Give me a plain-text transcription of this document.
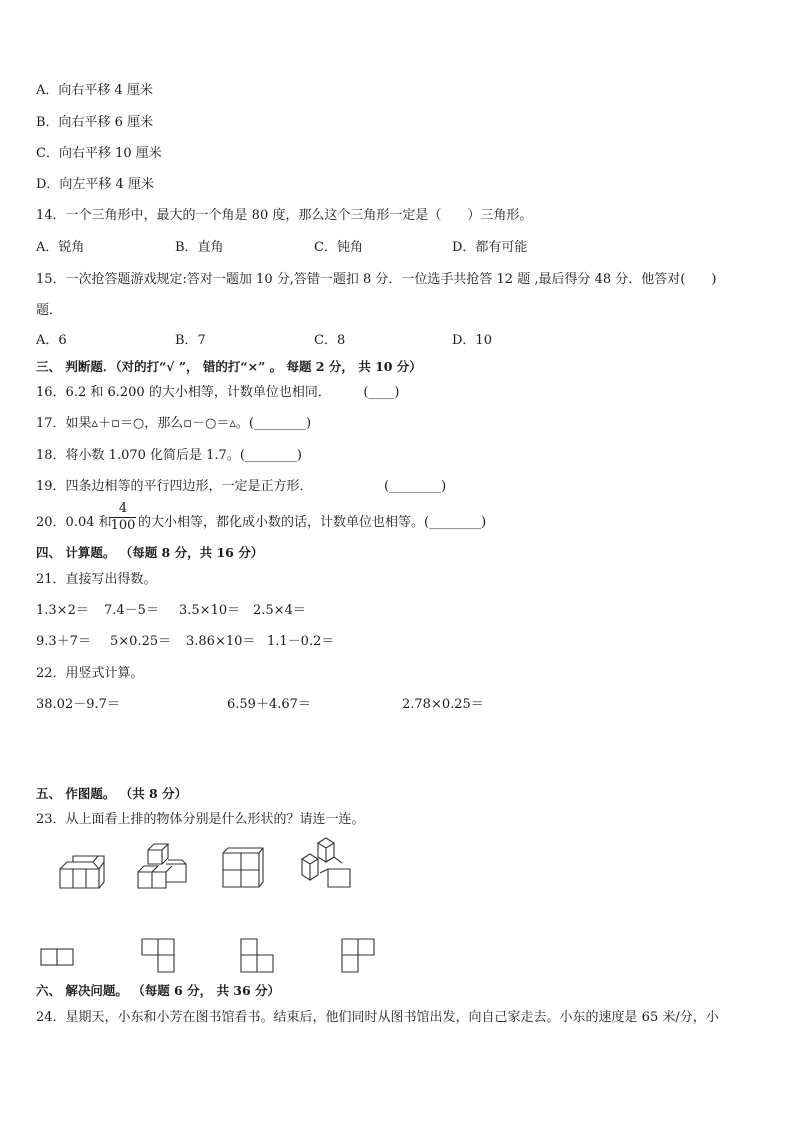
A．向右平移 4 厘米
B．向右平移 6 厘米
C．向右平移 10 厘米
D．向左平移 4 厘米
14．一个三角形中，最大的一个角是 80 度，那么这个三角形一定是（　　）三角形。
A．锐角	B．直角	C．钝角	D．都有可能
15．一次抢答题游戏规定:答对一题加 10 分,答错一题扣 8 分．一位选手共抢答 12 题 ,最后得分 48 分．他答对(　　)
题．
A．6	B．7	C．8	D．10
三、 判断题．（对的打“√ ”， 错的打“×” 。 每题 2 分， 共 10 分）
16．6.2 和 6.200 的大小相等，计数单位也相同．　　　(____)
17．如果▵＋▫＝○，那么▫－○＝▵。(________)
18．将小数 1.070 化简后是 1.7。(________)
19．四条边相等的平行四边形，一定是正方形．　　　　　　(________)
20．0.04 和
4
100 的大小相等，都化成小数的话，计数单位也相等。(________)
四、 计算题。 （每题 8 分，共 16 分）
21．直接写出得数。
1.3×2＝ 7.4－5＝ 3.5×10＝ 2.5×4＝
9.3＋7＝ 5×0.25＝ 3.86×10＝ 1.1－0.2＝
22．用竖式计算。
38.02－9.7＝	6.59＋4.67＝	2.78×0.25＝
五、 作图题。 （共 8 分）
23．从上面看上排的物体分别是什么形状的？请连一连。
六、 解决问题。 （每题 6 分， 共 36 分）
24．星期天，小东和小芳在图书馆看书。结束后，他们同时从图书馆出发，向自己家走去。小东的速度是 65 米/分，小
